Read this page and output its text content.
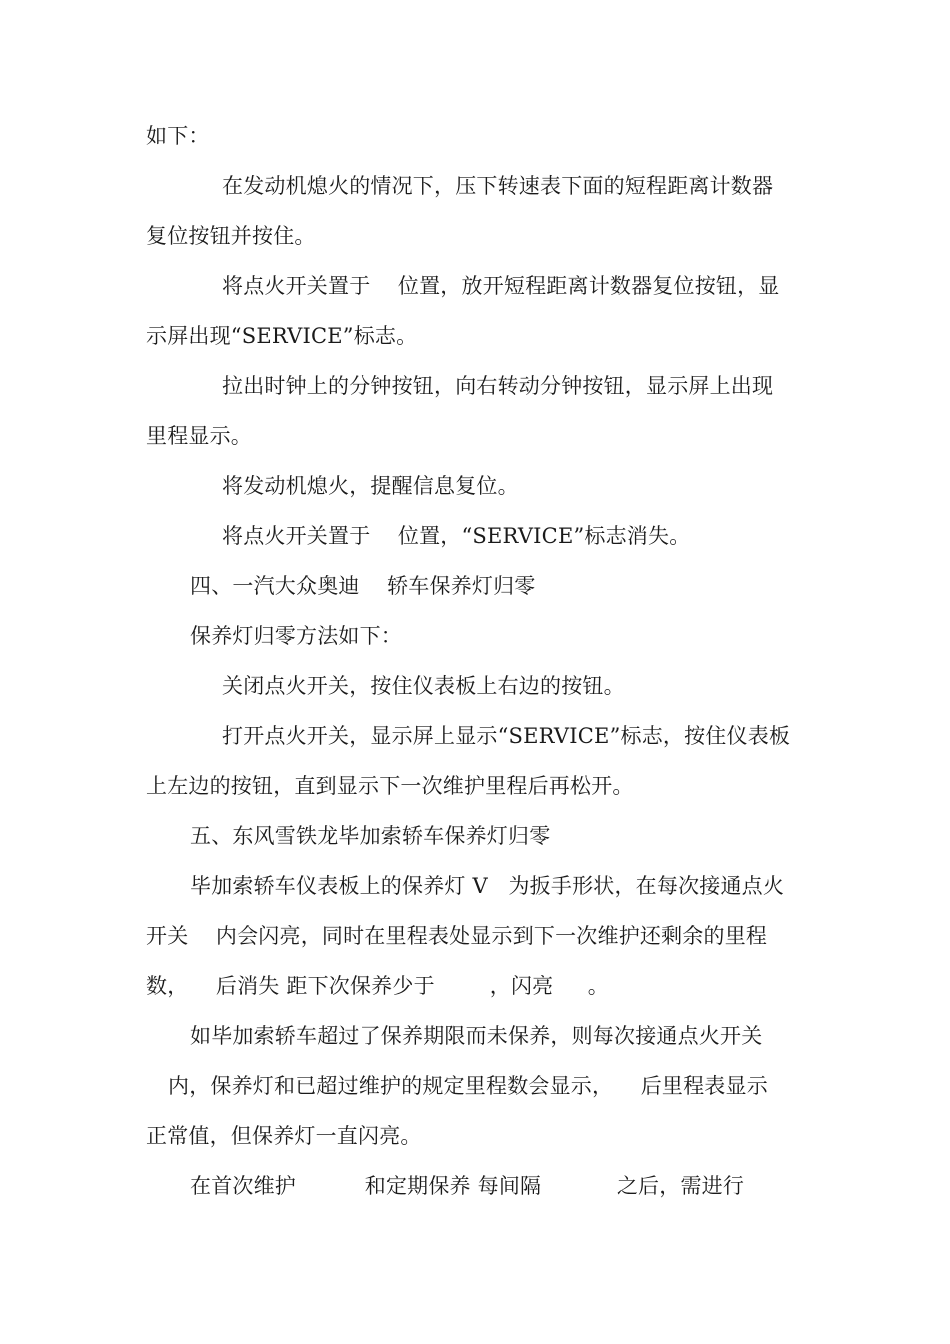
如下：
在发动机熄火的情况下，压下转速表下面的短程距离计数器
复位按钮并按住。
将点火开关置于    位置，放开短程距离计数器复位按钮，显
示屏出现“SERVICE”标志。
拉出时钟上的分钟按钮，向右转动分钟按钮，显示屏上出现
里程显示。
将发动机熄火，提醒信息复位。
将点火开关置于    位置，“SERVICE”标志消失。
四、一汽大众奥迪    轿车保养灯归零
保养灯归零方法如下：
关闭点火开关，按住仪表板上右边的按钮。
打开点火开关，显示屏上显示“SERVICE”标志，按住仪表板
上左边的按钮，直到显示下一次维护里程后再松开。
五、东风雪铁龙毕加索轿车保养灯归零
毕加索轿车仪表板上的保养灯 V   为扳手形状，在每次接通点火
开关    内会闪亮，同时在里程表处显示到下一次维护还剩余的里程
数，    后消失 距下次保养少于        ，闪亮     。
如毕加索轿车超过了保养期限而未保养，则每次接通点火开关
内，保养灯和已超过维护的规定里程数会显示，    后里程表显示
正常值，但保养灯一直闪亮。
在首次维护          和定期保养 每间隔           之后，需进行
